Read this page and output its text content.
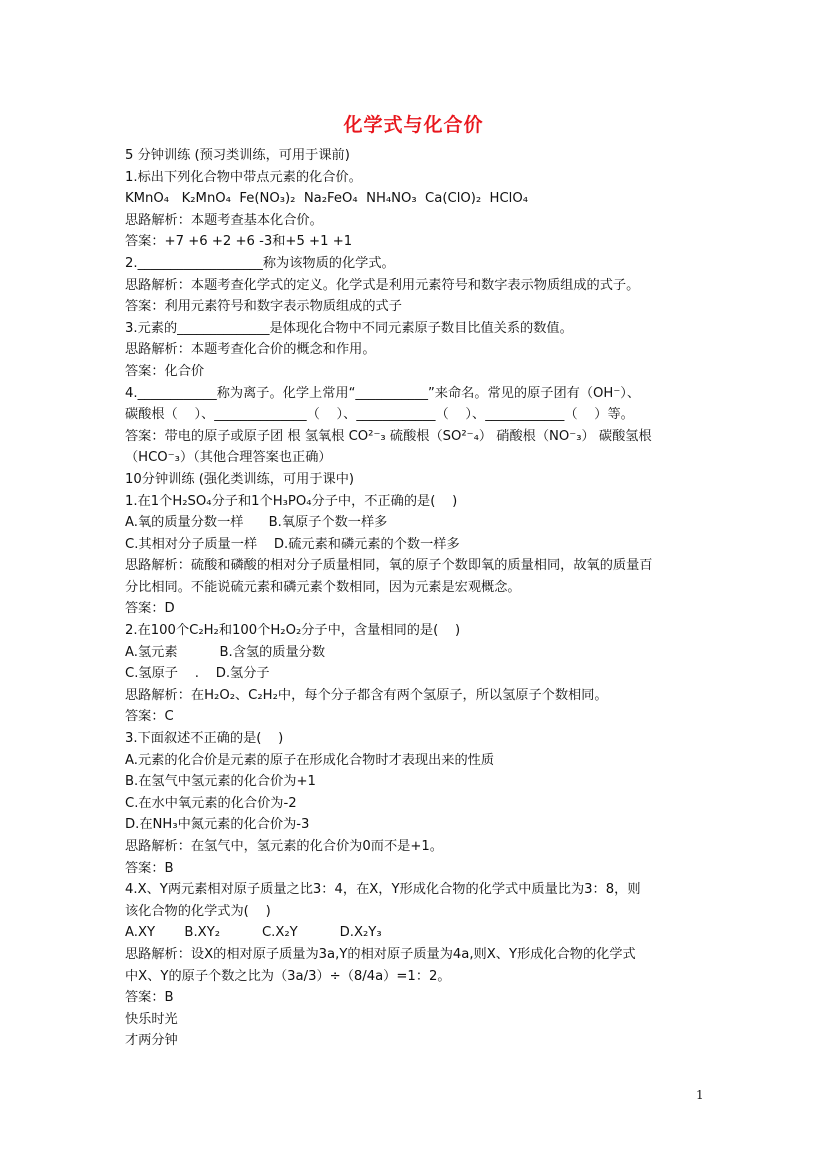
化学式与化合价

5 分钟训练 (预习类训练，可用于课前)

1.标出下列化合物中带点元素的化合价。

KMnO₄   K₂MnO₄  Fe(NO₃)₂  Na₂FeO₄  NH₄NO₃  Ca(ClO)₂  HClO₄

思路解析：本题考查基本化合价。

答案：+7 +6 +2 +6 -3和+5 +1 +1

2.___________________称为该物质的化学式。

思路解析：本题考查化学式的定义。化学式是利用元素符号和数字表示物质组成的式子。

答案：利用元素符号和数字表示物质组成的式子

3.元素的______________是体现化合物中不同元素原子数目比值关系的数值。

思路解析：本题考查化合价的概念和作用。

答案：化合价

4.____________称为离子。化学上常用“___________”来命名。常见的原子团有（OH⁻）、

碳酸根（    ）、______________（    ）、____________（    ）、____________（    ）等。

答案：带电的原子或原子团 根 氢氧根 CO²⁻₃ 硫酸根（SO²⁻₄） 硝酸根（NO⁻₃） 碳酸氢根

（HCO⁻₃）（其他合理答案也正确）

10分钟训练 (强化类训练，可用于课中)

1.在1个H₂SO₄分子和1个H₃PO₄分子中，不正确的是(    )

A.氧的质量分数一样      B.氧原子个数一样多

C.其相对分子质量一样    D.硫元素和磷元素的个数一样多

思路解析：硫酸和磷酸的相对分子质量相同，氧的原子个数即氧的质量相同，故氧的质量百

分比相同。不能说硫元素和磷元素个数相同，因为元素是宏观概念。

答案：D

2.在100个C₂H₂和100个H₂O₂分子中，含量相同的是(    )

A.氢元素          B.含氢的质量分数

C.氢原子    .    D.氢分子

思路解析：在H₂O₂、C₂H₂中，每个分子都含有两个氢原子，所以氢原子个数相同。

答案：C

3.下面叙述不正确的是(    )

A.元素的化合价是元素的原子在形成化合物时才表现出来的性质

B.在氢气中氢元素的化合价为+1

C.在水中氧元素的化合价为-2

D.在NH₃中氮元素的化合价为-3

思路解析：在氢气中，氢元素的化合价为0而不是+1。

答案：B

4.X、Y两元素相对原子质量之比3：4，在X，Y形成化合物的化学式中质量比为3：8，则

该化合物的化学式为(    )

A.XY       B.XY₂          C.X₂Y          D.X₂Y₃

思路解析：设X的相对原子质量为3a,Y的相对原子质量为4a,则X、Y形成化合物的化学式

中X、Y的原子个数之比为（3a/3）÷（8/4a）=1：2。

答案：B

快乐时光

才两分钟

1
